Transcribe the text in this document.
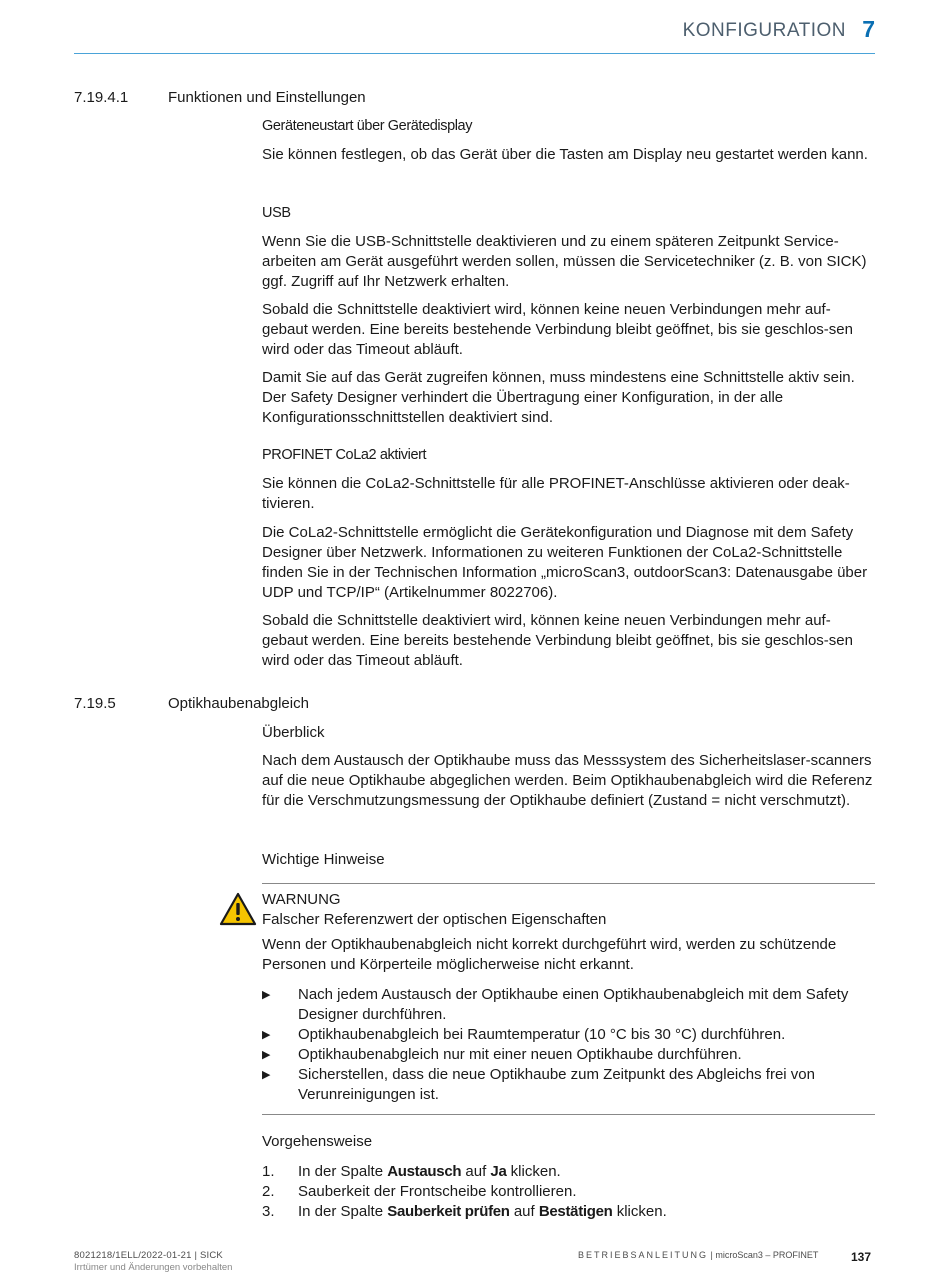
KONFIGURATION 7
7.19.4.1	Funktionen und Einstellungen
Geräteneustart über Gerätedisplay

Sie können festlegen, ob das Gerät über die Tasten am Display neu gestartet werden kann.

USB

Wenn Sie die USB-Schnittstelle deaktivieren und zu einem späteren Zeitpunkt Service-arbeiten am Gerät ausgeführt werden sollen, müssen die Servicetechniker (z. B. von SICK) ggf. Zugriff auf Ihr Netzwerk erhalten.

Sobald die Schnittstelle deaktiviert wird, können keine neuen Verbindungen mehr auf-gebaut werden. Eine bereits bestehende Verbindung bleibt geöffnet, bis sie geschlos-sen wird oder das Timeout abläuft.

Damit Sie auf das Gerät zugreifen können, muss mindestens eine Schnittstelle aktiv sein. Der Safety Designer verhindert die Übertragung einer Konfiguration, in der alle Konfigurationsschnittstellen deaktiviert sind.

PROFINET CoLa2 aktiviert

Sie können die CoLa2-Schnittstelle für alle PROFINET-Anschlüsse aktivieren oder deak-tivieren.

Die CoLa2-Schnittstelle ermöglicht die Gerätekonfiguration und Diagnose mit dem Safety Designer über Netzwerk. Informationen zu weiteren Funktionen der CoLa2-Schnittstelle finden Sie in der Technischen Information „microScan3, outdoorScan3: Datenausgabe über UDP und TCP/IP“ (Artikelnummer 8022706).

Sobald die Schnittstelle deaktiviert wird, können keine neuen Verbindungen mehr auf-gebaut werden. Eine bereits bestehende Verbindung bleibt geöffnet, bis sie geschlos-sen wird oder das Timeout abläuft.

7.19.5	Optikhaubenabgleich
Überblick

Nach dem Austausch der Optikhaube muss das Messsystem des Sicherheitslaser-scanners auf die neue Optikhaube abgeglichen werden. Beim Optikhaubenabgleich wird die Referenz für die Verschmutzungsmessung der Optikhaube definiert (Zustand = nicht verschmutzt).

Wichtige Hinweise
WARNUNG
Falscher Referenzwert der optischen Eigenschaften

Wenn der Optikhaubenabgleich nicht korrekt durchgeführt wird, werden zu schützende Personen und Körperteile möglicherweise nicht erkannt.

▶ Nach jedem Austausch der Optikhaube einen Optikhaubenabgleich mit dem Safety Designer durchführen.
▶ Optikhaubenabgleich bei Raumtemperatur (10 °C bis 30 °C) durchführen.
▶ Optikhaubenabgleich nur mit einer neuen Optikhaube durchführen.
▶ Sicherstellen, dass die neue Optikhaube zum Zeitpunkt des Abgleichs frei von Verunreinigungen ist.
Vorgehensweise
1. In der Spalte Austausch auf Ja klicken.
2. Sauberkeit der Frontscheibe kontrollieren.
3. In der Spalte Sauberkeit prüfen auf Bestätigen klicken.
8021218/1ELL/2022-01-21 | SICK
Irrtümer und Änderungen vorbehalten
BETRIEBSANLEITUNG | microScan3 – PROFINET	137
